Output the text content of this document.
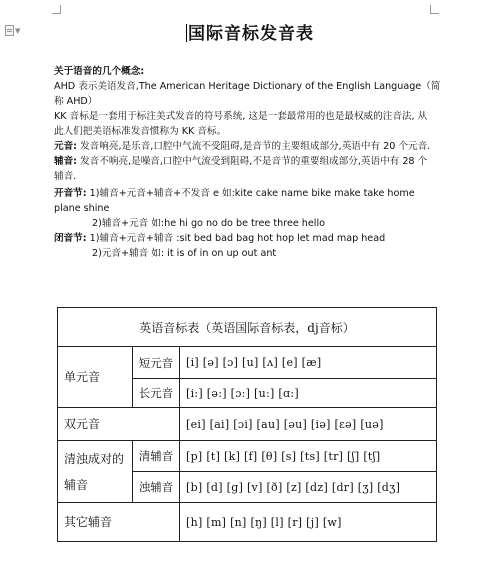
▼	国际音标发音表
关于语音的几个概念:
AHD 表示美语发音,The American Heritage Dictionary of the English Language（简
称 AHD）
KK 音标是一套用于标注美式发音的符号系统, 这是一套最常用的也是最权威的注音法, 从
此人们把美语标准发音惯称为 KK 音标。
元音: 发音响亮,是乐音,口腔中气流不受阻碍,是音节的主要组成部分,英语中有 20 个元音.
辅音: 发音不响亮,是噪音,口腔中气流受到阻碍,不是音节的重要组成部分,英语中有 28 个
辅音.
开音节: 1)辅音+元音+辅音+不发音 e 如:kite cake name bike make take home
plane shine
2)辅音+元音 如:he hi go no do be tree three hello
闭音节: 1)辅音+元音+辅音 :sit bed bad bag hot hop let mad map head
2)元音+辅音 如: it is of in on up out ant
英语音标表（英语国际音标表，dj音标）		
单元音	短元音	[i] [ə] [ɔ] [u] [ʌ] [e] [æ]
	长元音	[i:] [ə:] [ɔ:] [u:] [ɑ:]
双元音		[ei] [ai] [ɔi] [au] [əu] [iə] [εə] [uə]
清浊成对的辅音	清辅音	[p] [t] [k] [f] [θ] [s] [ts] [tr] [ʃ] [tʃ]
	浊辅音	[b] [d] [g] [v] [ð] [z] [dz] [dr] [ʒ] [dʒ]
其它辅音		[h] [m] [n] [ŋ] [l] [r] [j] [w]
